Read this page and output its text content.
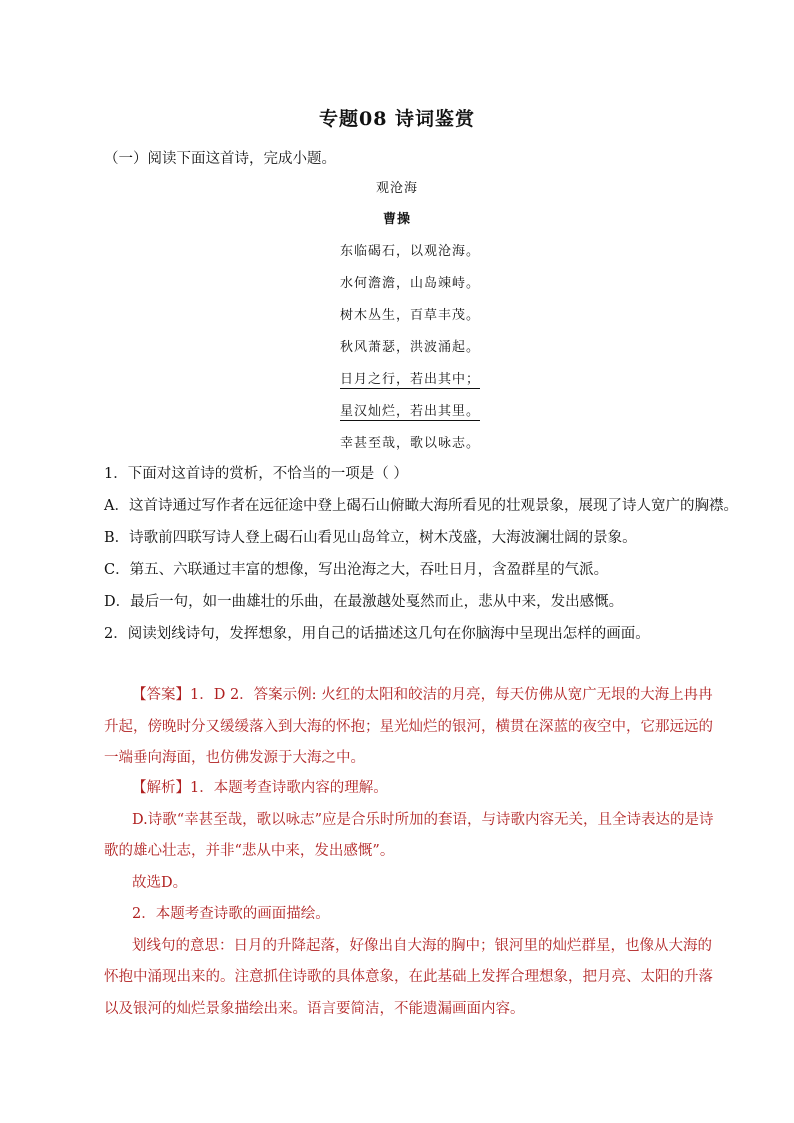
专题08 诗词鉴赏
（一）阅读下面这首诗，完成小题。
观沧海
曹操
东临碣石，以观沧海。
水何澹澹，山岛竦峙。
树木丛生，百草丰茂。
秋风萧瑟，洪波涌起。
日月之行，若出其中；
星汉灿烂，若出其里。
幸甚至哉，歌以咏志。
1．下面对这首诗的赏析，不恰当的一项是（ ）
A．这首诗通过写作者在远征途中登上碣石山俯瞰大海所看见的壮观景象，展现了诗人宽广的胸襟。
B．诗歌前四联写诗人登上碣石山看见山岛耸立，树木茂盛，大海波澜壮阔的景象。
C．第五、六联通过丰富的想像，写出沧海之大，吞吐日月，含盈群星的气派。
D．最后一句，如一曲雄壮的乐曲，在最激越处戛然而止，悲从中来，发出感慨。
2．阅读划线诗句，发挥想象，用自己的话描述这几句在你脑海中呈现出怎样的画面。
【答案】1．D 2．答案示例: 火红的太阳和皎洁的月亮，每天仿佛从宽广无垠的大海上冉冉升起，傍晚时分又缓缓落入到大海的怀抱；星光灿烂的银河，横贯在深蓝的夜空中，它那远远的一端垂向海面，也仿佛发源于大海之中。
【解析】1．本题考查诗歌内容的理解。
D.诗歌“幸甚至哉，歌以咏志”应是合乐时所加的套语，与诗歌内容无关，且全诗表达的是诗歌的雄心壮志，并非“悲从中来，发出感慨”。
故选D。
2．本题考查诗歌的画面描绘。
划线句的意思：日月的升降起落，好像出自大海的胸中；银河里的灿烂群星，也像从大海的怀抱中涌现出来的。注意抓住诗歌的具体意象，在此基础上发挥合理想象，把月亮、太阳的升落以及银河的灿烂景象描绘出来。语言要简洁，不能遗漏画面内容。
